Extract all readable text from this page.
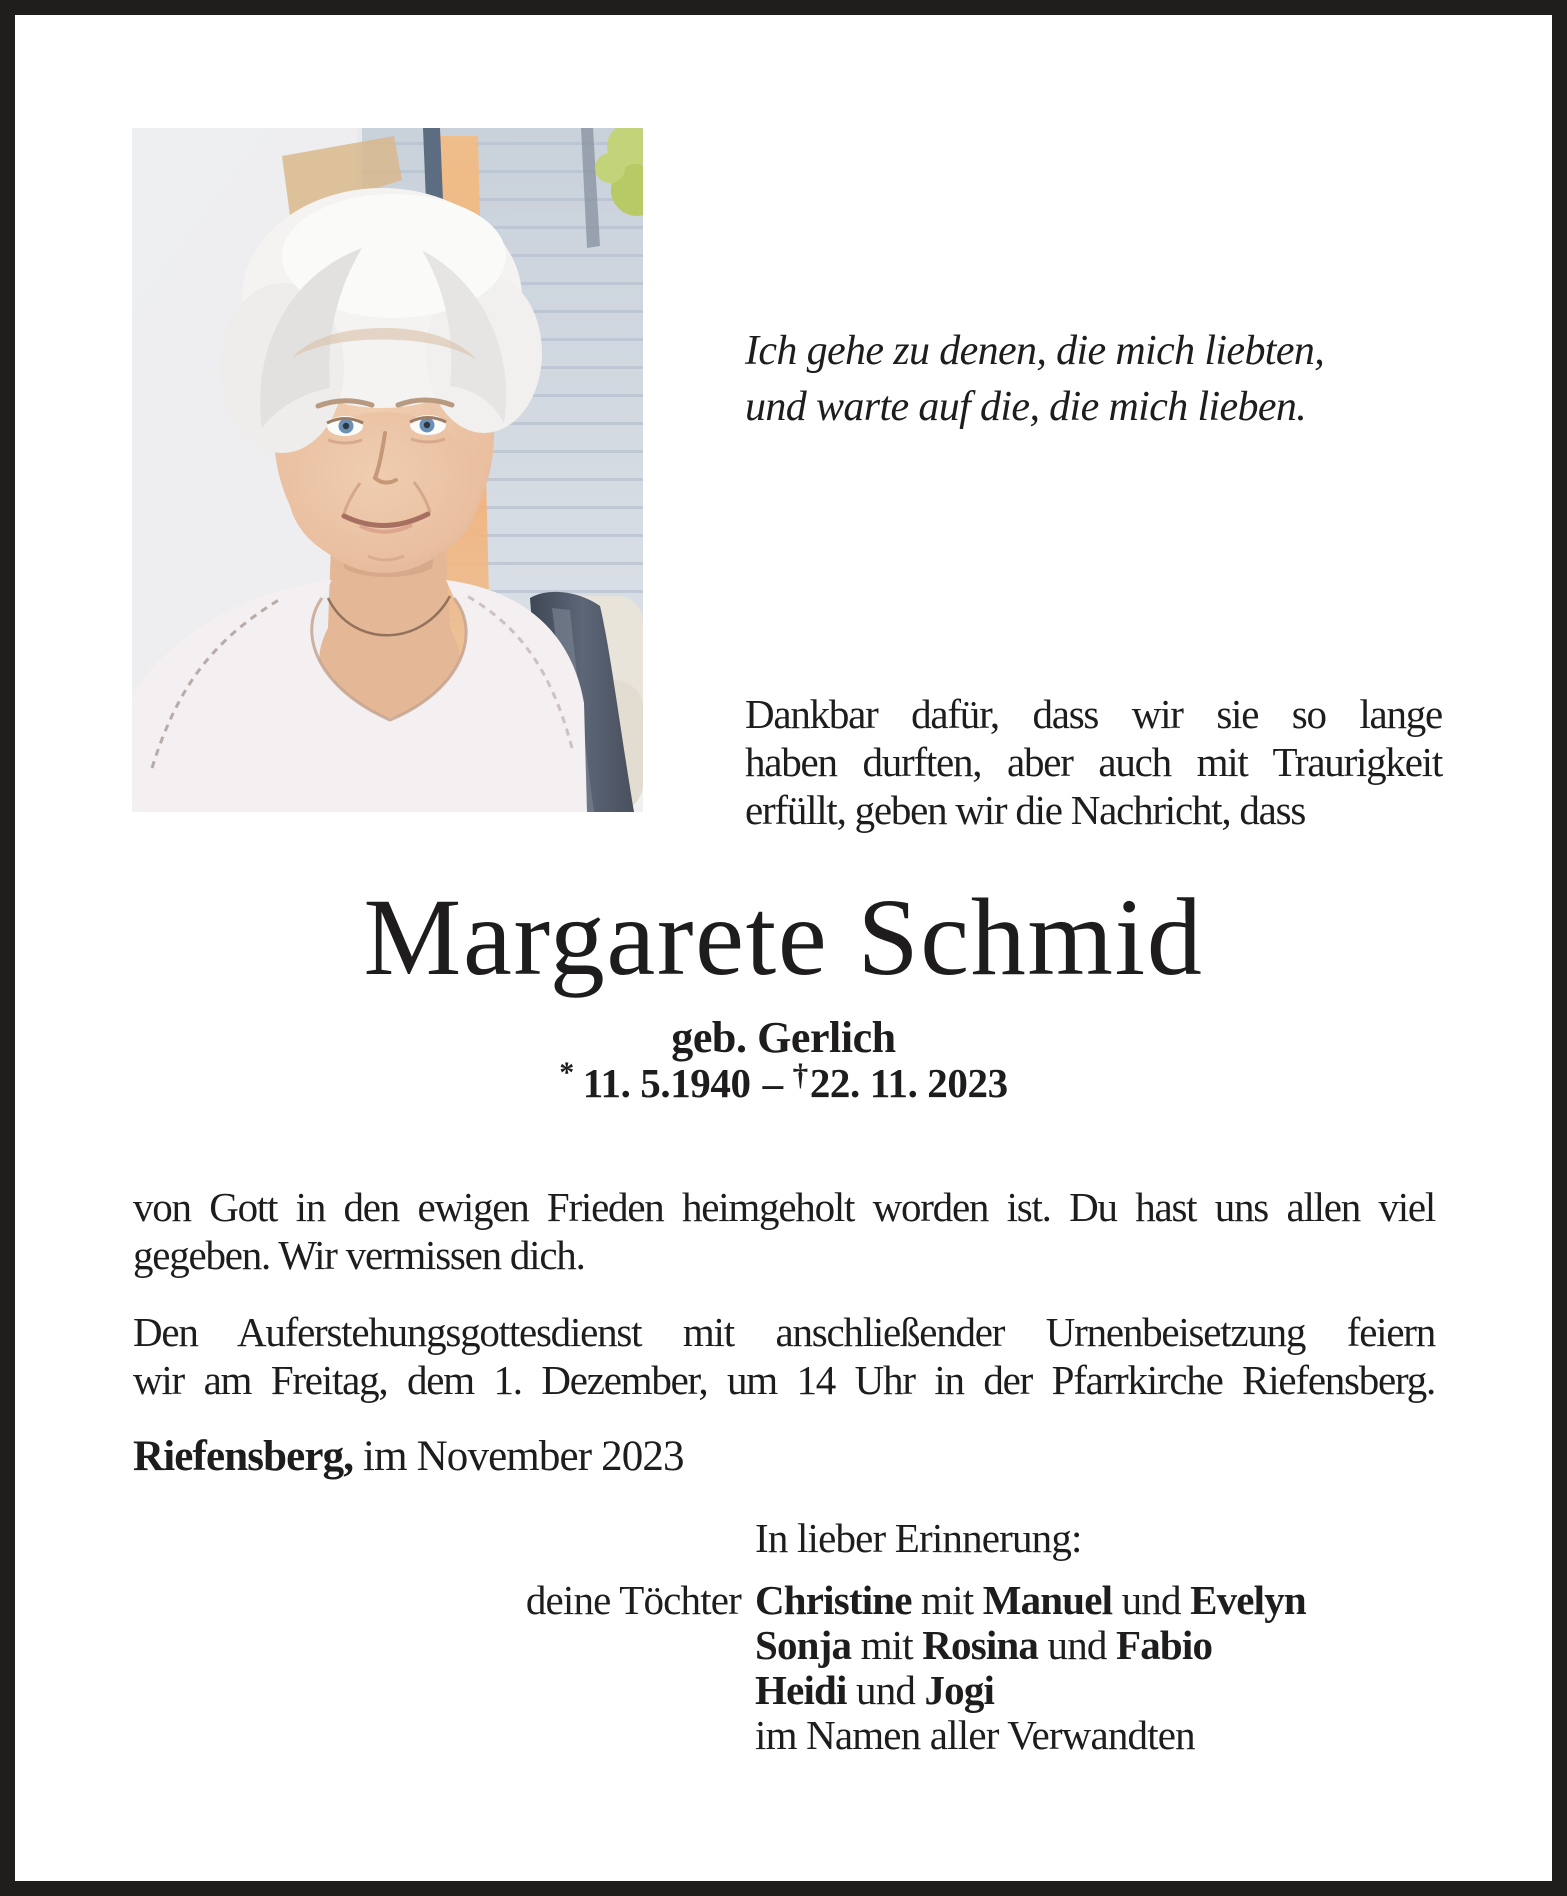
Ich gehe zu denen, die mich liebten,
und warte auf die, die mich lieben.
Dankbar dafür, dass wir sie so lange
haben durften, aber auch mit Traurigkeit
erfüllt, geben wir die Nachricht, dass
Margarete Schmid
geb. Gerlich
* 11. 5.1940 – †22. 11. 2023
von Gott in den ewigen Frieden heimgeholt worden ist. Du hast uns allen viel
gegeben. Wir vermissen dich.
Den Auferstehungsgottesdienst mit anschließender Urnenbeisetzung feiern
wir am Freitag, dem 1. Dezember, um 14 Uhr in der Pfarrkirche Riefensberg.
Riefensberg, im November 2023
In lieber Erinnerung:
deine Töchter Christine mit Manuel und Evelyn
Sonja mit Rosina und Fabio
Heidi und Jogi
im Namen aller Verwandten
